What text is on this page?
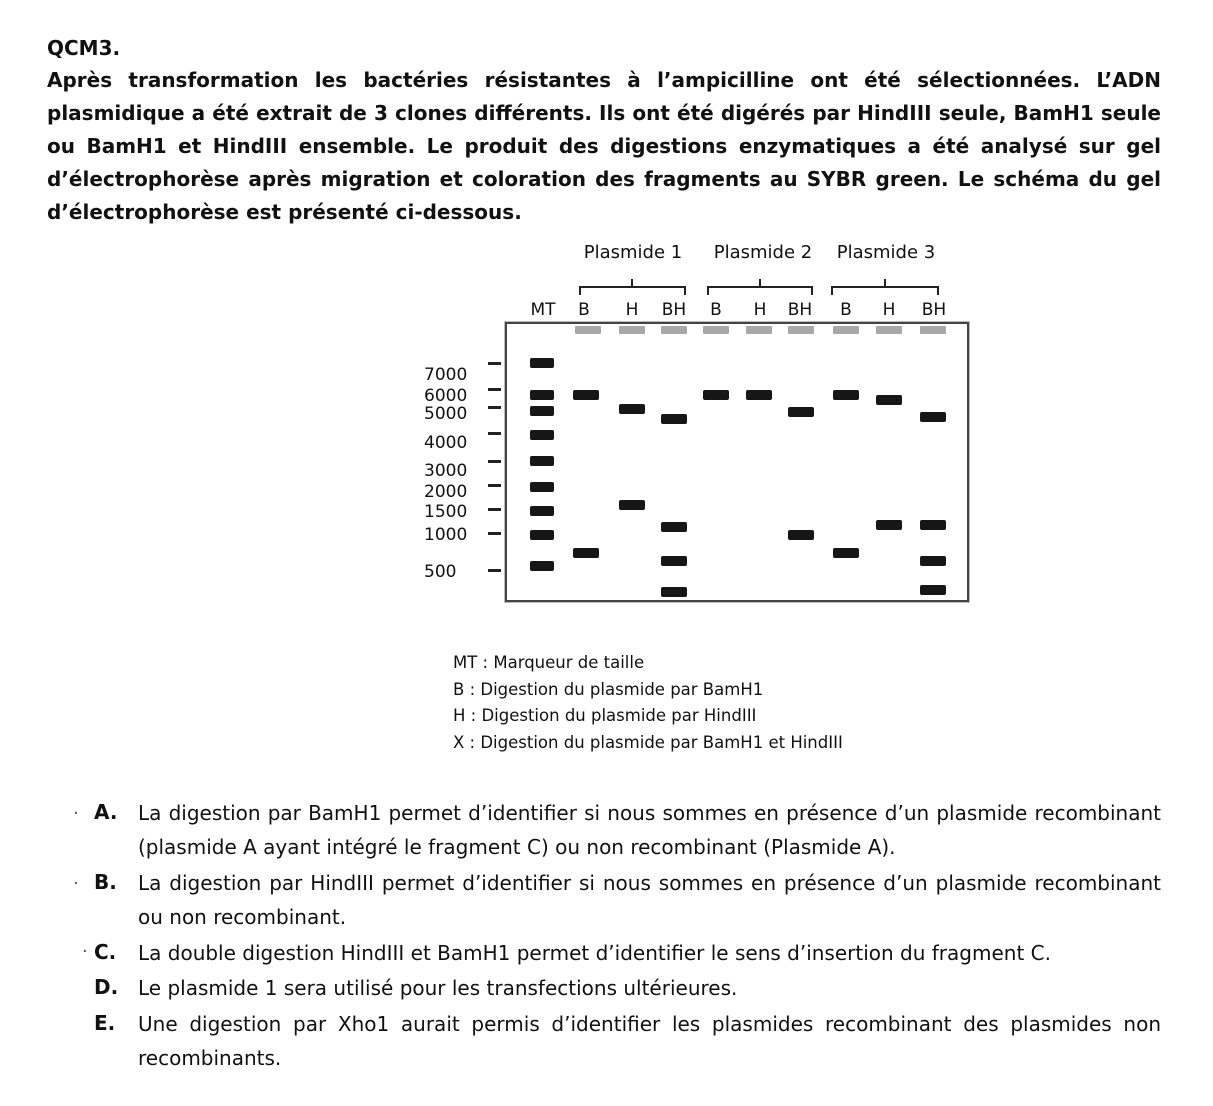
QCM3.

Après transformation les bactéries résistantes à l’ampicilline ont été sélectionnées. L’ADN plasmidique a été extrait de 3 clones différents. Ils ont été digérés par HindIII seule, BamH1 seule ou BamH1 et HindIII ensemble. Le produit des digestions enzymatiques a été analysé sur gel d’électrophorèse après migration et coloration des fragments au SYBR green. Le schéma du gel d’électrophorèse est présenté ci-dessous.

Plasmide 1 Plasmide 2 Plasmide 3
MT B H BH B H BH B H BH
7000
6000
5000
4000
3000
2000
1500
1000
500
MT : Marqueur de taille
B : Digestion du plasmide par BamH1
H : Digestion du plasmide par HindIII
X : Digestion du plasmide par BamH1 et HindIII
· A. La digestion par BamH1 permet d’identifier si nous sommes en présence d’un plasmide recombinant (plasmide A ayant intégré le fragment C) ou non recombinant (Plasmide A).

· B. La digestion par HindIII permet d’identifier si nous sommes en présence d’un plasmide recombinant ou non recombinant.

· C. La double digestion HindIII et BamH1 permet d’identifier le sens d’insertion du fragment C.

D. Le plasmide 1 sera utilisé pour les transfections ultérieures.

E. Une digestion par Xho1 aurait permis d’identifier les plasmides recombinant des plasmides non recombinants.
